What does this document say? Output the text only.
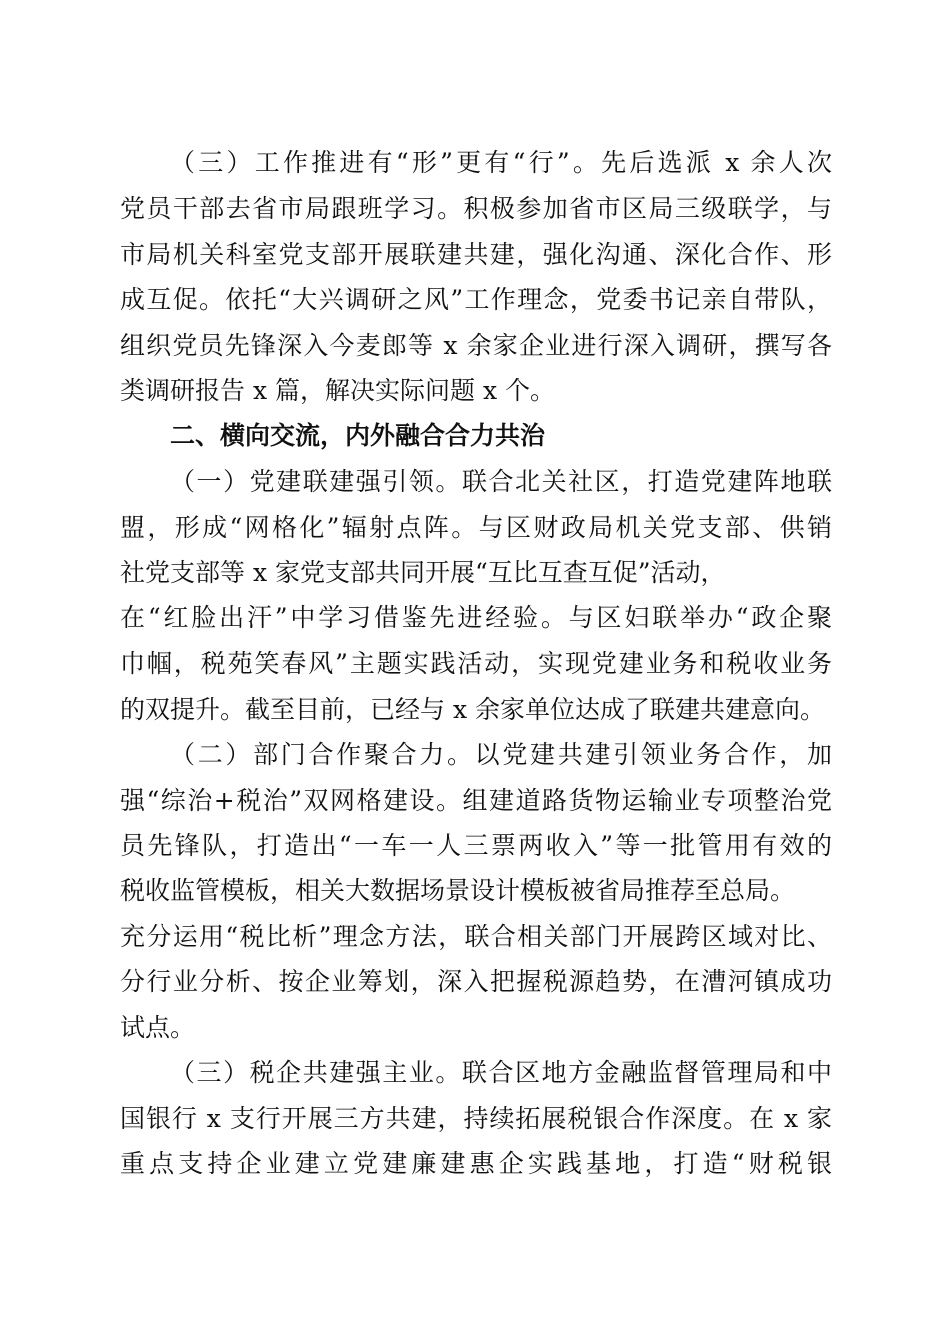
（三）工作推进有“形”更有“行”。先后选派 x 余人次
党员干部去省市局跟班学习。积极参加省市区局三级联学，与
市局机关科室党支部开展联建共建，强化沟通、深化合作、形
成互促。依托“大兴调研之风”工作理念，党委书记亲自带队，
组织党员先锋深入今麦郎等 x 余家企业进行深入调研，撰写各
类调研报告 x 篇，解决实际问题 x 个。
二、横向交流，内外融合合力共治
（一）党建联建强引领。联合北关社区，打造党建阵地联
盟，形成“网格化”辐射点阵。与区财政局机关党支部、供销
社党支部等 x 家党支部共同开展“互比互查互促”活动，
在“红脸出汗”中学习借鉴先进经验。与区妇联举办“政企聚
巾帼，税苑笑春风”主题实践活动，实现党建业务和税收业务
的双提升。截至目前，已经与 x 余家单位达成了联建共建意向。
（二）部门合作聚合力。以党建共建引领业务合作，加
强“综治+税治”双网格建设。组建道路货物运输业专项整治党
员先锋队，打造出“一车一人三票两收入”等一批管用有效的
税收监管模板，相关大数据场景设计模板被省局推荐至总局。
充分运用“税比析”理念方法，联合相关部门开展跨区域对比、
分行业分析、按企业筹划，深入把握税源趋势，在漕河镇成功
试点。
（三）税企共建强主业。联合区地方金融监督管理局和中
国银行 x 支行开展三方共建，持续拓展税银合作深度。在 x 家
重点支持企业建立党建廉建惠企实践基地，打造“财税银
